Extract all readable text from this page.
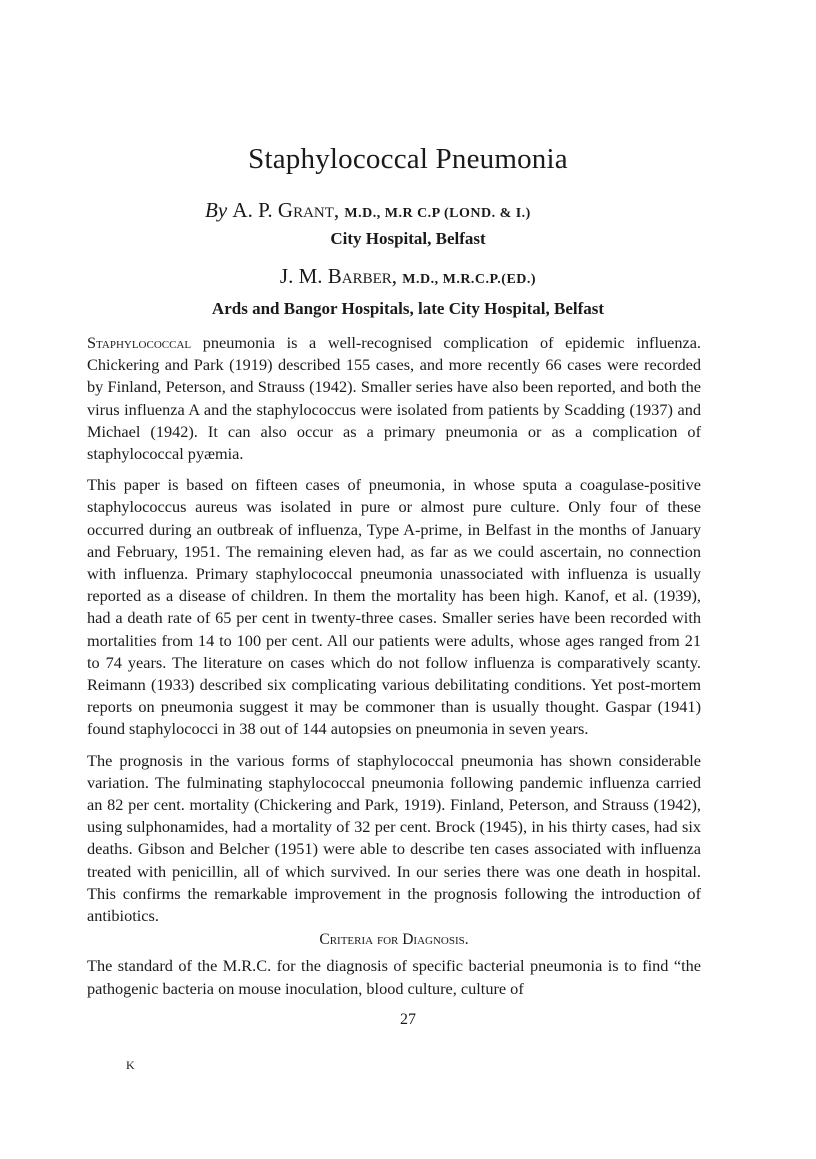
Staphylococcal Pneumonia
By A. P. Grant, M.D., M.R C.P (LOND. & I.)
City Hospital, Belfast
J. M. Barber, M.D., M.R.C.P.(ED.)
Ards and Bangor Hospitals, late City Hospital, Belfast

Staphylococcal pneumonia is a well-recognised complication of epidemic influenza. Chickering and Park (1919) described 155 cases, and more recently 66 cases were recorded by Finland, Peterson, and Strauss (1942). Smaller series have also been reported, and both the virus influenza A and the staphylococcus were isolated from patients by Scadding (1937) and Michael (1942). It can also occur as a primary pneumonia or as a complication of staphylococcal pyæmia.

This paper is based on fifteen cases of pneumonia, in whose sputa a coagulase-positive staphylococcus aureus was isolated in pure or almost pure culture. Only four of these occurred during an outbreak of influenza, Type A-prime, in Belfast in the months of January and February, 1951. The remaining eleven had, as far as we could ascertain, no connection with influenza. Primary staphylococcal pneumonia unassociated with influenza is usually reported as a disease of children. In them the mortality has been high. Kanof, et al. (1939), had a death rate of 65 per cent in twenty-three cases. Smaller series have been recorded with mortalities from 14 to 100 per cent. All our patients were adults, whose ages ranged from 21 to 74 years. The literature on cases which do not follow influenza is comparatively scanty. Reimann (1933) described six complicating various debilitating conditions. Yet post-mortem reports on pneumonia suggest it may be commoner than is usually thought. Gaspar (1941) found staphylococci in 38 out of 144 autopsies on pneumonia in seven years.

The prognosis in the various forms of staphylococcal pneumonia has shown considerable variation. The fulminating staphylococcal pneumonia following pandemic influenza carried an 82 per cent. mortality (Chickering and Park, 1919). Finland, Peterson, and Strauss (1942), using sulphonamides, had a mortality of 32 per cent. Brock (1945), in his thirty cases, had six deaths. Gibson and Belcher (1951) were able to describe ten cases associated with influenza treated with penicillin, all of which survived. In our series there was one death in hospital. This confirms the remarkable improvement in the prognosis following the introduction of antibiotics.

Criteria for Diagnosis.

The standard of the M.R.C. for the diagnosis of specific bacterial pneumonia is to find “the pathogenic bacteria on mouse inoculation, blood culture, culture of

27
K
